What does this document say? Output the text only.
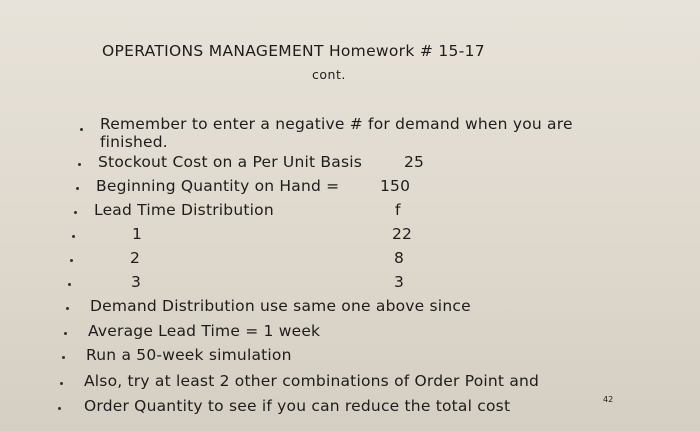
OPERATIONS MANAGEMENT Homework # 15-17
cont.
Remember to enter a negative # for demand when you are
finished.
Stockout Cost on a Per Unit Basis	25
Beginning Quantity on Hand =	150
Lead Time Distribution	f
1	22
2	8
3	3
Demand Distribution use same one above since
Average Lead Time = 1 week
Run a 50-week simulation
Also, try at least 2 other combinations of Order Point and
Order Quantity to see if you can reduce the total cost	42
